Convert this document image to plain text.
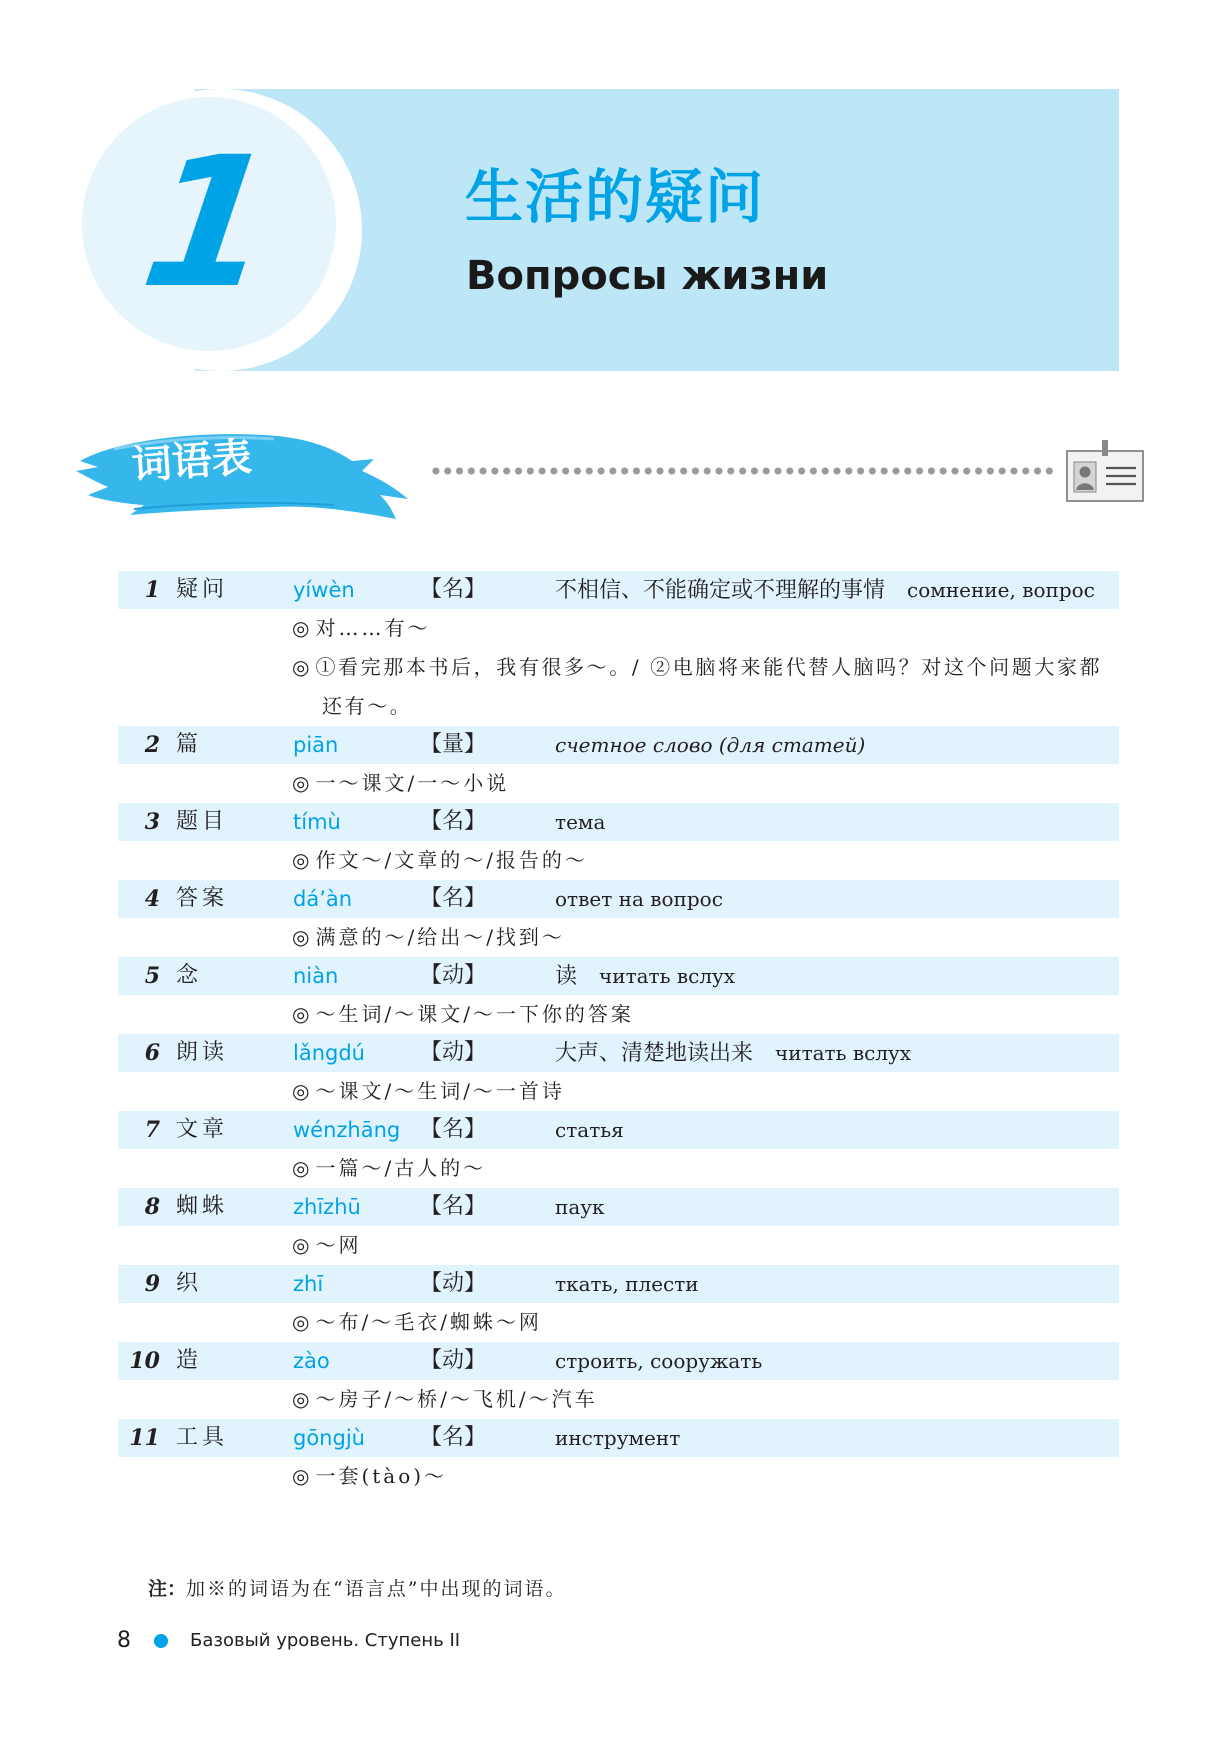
1	生活的疑问
Вопросы жизни
词语表
1 疑问	yíwèn	【名】	不相信、不能确定或不理解的事情 сомнение, вопрос

◎ 对……有～

◎ ①看完那本书后，我有很多～。/ ②电脑将来能代替人脑吗？对这个问题大家都还有～。

2 篇	piān	【量】	счетное слово (для статей)

◎ 一～课文/一～小说

3 题目	tímù	【名】	тема

◎ 作文～/文章的～/报告的～

4 答案	dá’àn	【名】	ответ на вопрос

◎ 满意的～/给出～/找到～

5 念	niàn	【动】	读 читать вслух

◎ ～生词/～课文/～一下你的答案

6 朗读	lǎngdú	【动】	大声、清楚地读出来 читать вслух

◎ ～课文/～生词/～一首诗

7 文章	wénzhāng 【名】	статья

◎ 一篇～/古人的～

8 蜘蛛	zhīzhū	【名】	паук

◎ ～网

9 织	zhī	【动】	ткать, плести

◎ ～布/～毛衣/蜘蛛～网

10 造	zào	【动】	строить, сооружать

◎ ～房子/～桥/～飞机/～汽车

11 工具	gōngjù	【名】	инструмент

◎ 一套(tào)～

注：加※的词语为在“语言点”中出现的词语。
8	Базовый уровень. Ступень II
